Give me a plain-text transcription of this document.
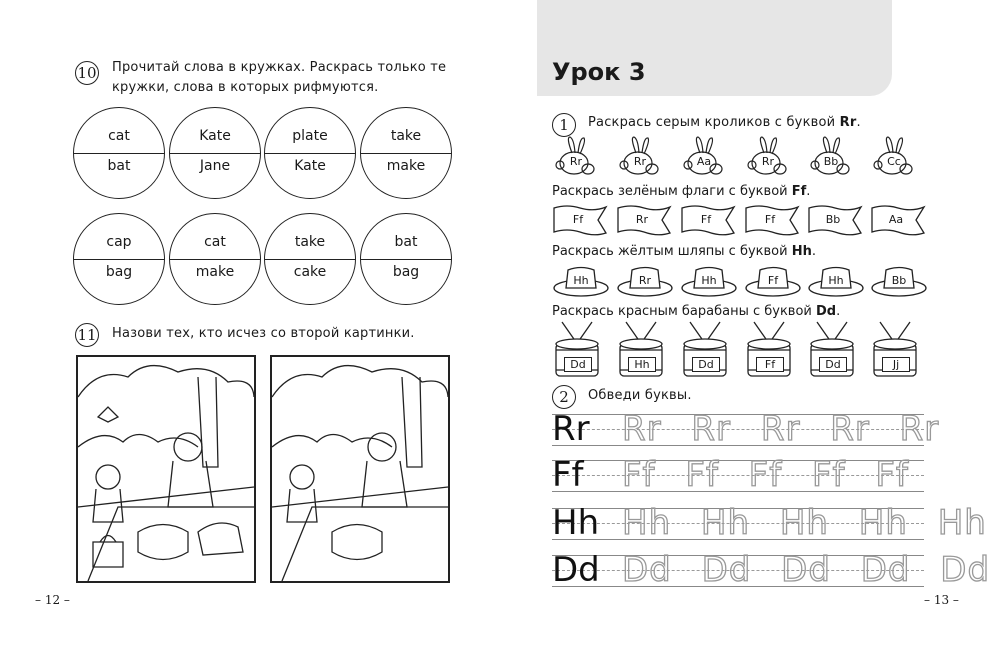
10 Прочитай слова в кружках. Раскрась только те кружки, слова в которых рифмуются.
cat
bat
Kate
Jane
plate
Kate
take
make
cap
bag
cat
make
take
cake
bat
bag
11 Назови тех, кто исчез со второй картинки.
– 12 –
Урок 3
1	Раскрась серым кроликов с буквой Rr.
Rr	Rr	Aa	Rr	Bb	Cc
Раскрась зелёным флаги с буквой Ff.
Ff	Rr	Ff	Ff	Bb	Aa
Раскрась жёлтым шляпы с буквой Hh.
Hh	Rr	Hh	Ff	Hh	Bb
Раскрась красным барабаны с буквой Dd.
Dd	Hh	Dd	Ff	Dd	Jj
2	Обведи буквы.
Rr Rr Rr Rr Rr Rr
Ff Ff Ff Ff Ff Ff
Hh Hh Hh Hh Hh Hh
Dd Dd Dd Dd Dd Dd
– 13 –
